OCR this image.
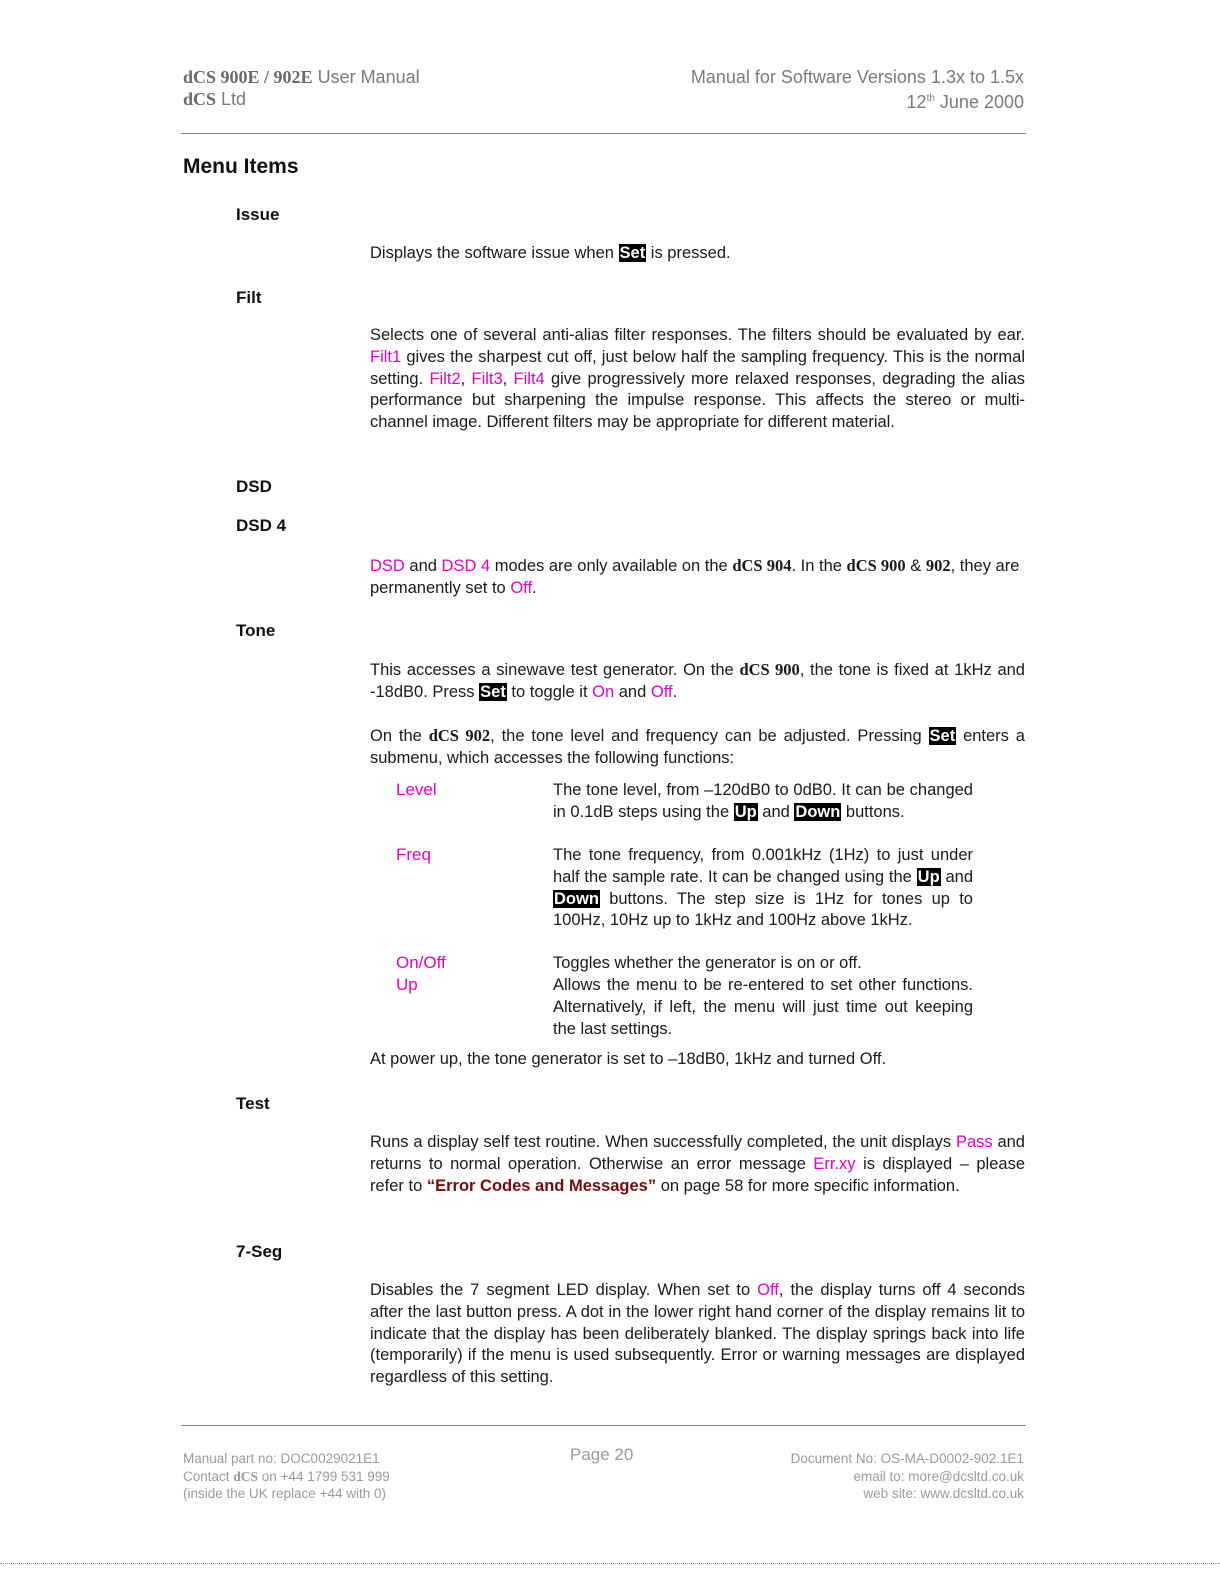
dCS 900E / 902E User Manual
dCS Ltd
Manual for Software Versions 1.3x to 1.5x
12th June 2000
Menu Items
Issue
Displays the software issue when Set is pressed.
Filt
Selects one of several anti-alias filter responses. The filters should be evaluated by ear. Filt1 gives the sharpest cut off, just below half the sampling frequency. This is the normal setting. Filt2, Filt3, Filt4 give progressively more relaxed responses, degrading the alias performance but sharpening the impulse response. This affects the stereo or multi-channel image. Different filters may be appropriate for different material.
DSD
DSD 4
DSD and DSD 4 modes are only available on the dCS 904. In the dCS 900 & 902, they are permanently set to Off.
Tone
This accesses a sinewave test generator. On the dCS 900, the tone is fixed at 1kHz and -18dB0. Press Set to toggle it On and Off.
On the dCS 902, the tone level and frequency can be adjusted. Pressing Set enters a submenu, which accesses the following functions:
Level	The tone level, from –120dB0 to 0dB0. It can be changed in 0.1dB steps using the Up and Down buttons.
Freq	The tone frequency, from 0.001kHz (1Hz) to just under half the sample rate. It can be changed using the Up and Down buttons. The step size is 1Hz for tones up to 100Hz, 10Hz up to 1kHz and 100Hz above 1kHz.
On/Off	Toggles whether the generator is on or off.
Up	Allows the menu to be re-entered to set other functions. Alternatively, if left, the menu will just time out keeping the last settings.
At power up, the tone generator is set to –18dB0, 1kHz and turned Off.
Test
Runs a display self test routine. When successfully completed, the unit displays Pass and returns to normal operation. Otherwise an error message Err.xy is displayed – please refer to “Error Codes and Messages” on page 58 for more specific information.
7-Seg
Disables the 7 segment LED display. When set to Off, the display turns off 4 seconds after the last button press. A dot in the lower right hand corner of the display remains lit to indicate that the display has been deliberately blanked. The display springs back into life (temporarily) if the menu is used subsequently. Error or warning messages are displayed regardless of this setting.
Manual part no: DOC0029021E1
Contact dCS on +44 1799 531 999
(inside the UK replace +44 with 0)
Page 20	Document No: OS-MA-D0002-902.1E1
email to: more@dcsltd.co.uk
web site: www.dcsltd.co.uk
